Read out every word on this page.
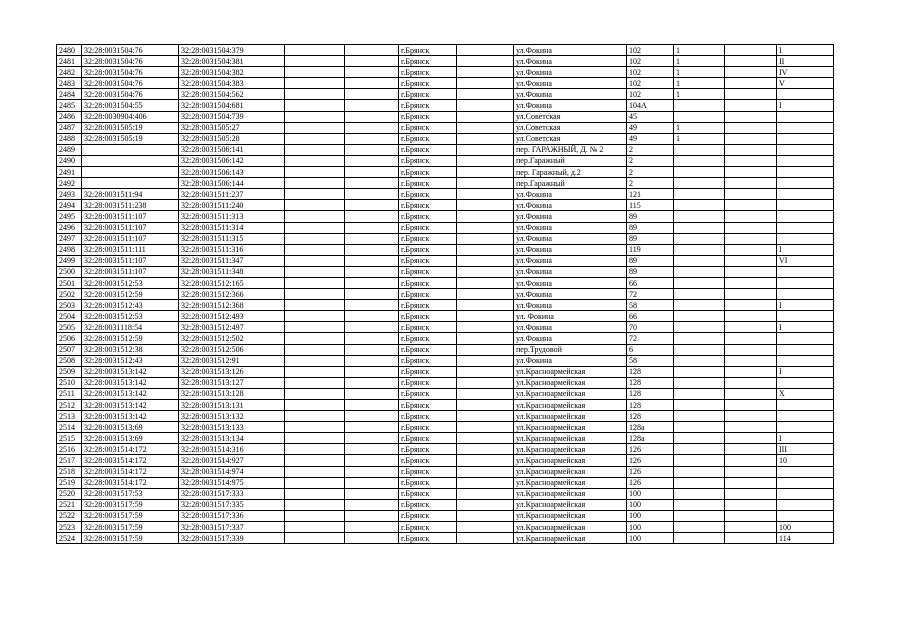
2480	32:28:0031504:76	32:28:0031504:379			г.Брянск		ул.Фокина	102	1		I
2481	32:28:0031504:76	32:28:0031504:381			г.Брянск		ул.Фокина	102	1		II
2482	32:28:0031504:76	32:28:0031504:382			г.Брянск		ул.Фокина	102	1		IV
2483	32:28:0031504:76	32:28:0031504:383			г.Брянск		ул.Фокина	102	1		V
2484	32:28:0031504:76	32:28:0031504:562			г.Брянск		ул.Фокина	102	1		
2485	32:28:0031504:55	32:28:0031504:681			г.Брянск		ул.Фокина	104А			I
2486	32:28:0030904:406	32:28:0031504:739			г.Брянск		ул.Советская	45			
2487	32:28:0031505:19	32:28:0031505:27			г.Брянск		ул.Советская	49	1		
2488	32:28:0031505:19	32:28:0031505:28			г.Брянск		ул.Советская	49	1		
2489		32:28:0031506:141			г.Брянск		пер. ГАРАЖНЫЙ, Д. № 2	2			
2490		32:28:0031506:142			г.Брянск		пер.Гаражный	2			
2491		32:28:0031506:143			г.Брянск		пер. Гаражный, д.2	2			
2492		32:28:0031506:144			г.Брянск		пер.Гаражный	2			
2493	32:28:0031511:94	32:28:0031511:237			г.Брянск		ул.Фокина	121			
2494	32:28:0031511:238	32:28:0031511:240			г.Брянск		ул.Фокина	115			
2495	32:28:0031511:107	32:28:0031511:313			г.Брянск		ул.Фокина	89			
2496	32:28:0031511:107	32:28:0031511:314			г.Брянск		ул.Фокина	89			
2497	32:28:0031511:107	32:28:0031511:315			г.Брянск		ул.Фокина	89			
2498	32:28:0031511:111	32:28:0031511:316			г.Брянск		ул.Фокина	119			I
2499	32:28:0031511:107	32:28:0031511:347			г.Брянск		ул.Фокина	89			VI
2500	32:28:0031511:107	32:28:0031511:348			г.Брянск		ул.Фокина	89			
2501	32:28:0031512:53	32:28:0031512:165			г.Брянск		ул.Фокина	66			
2502	32:28:0031512:59	32:28:0031512:366			г.Брянск		ул.Фокина	72			
2503	32:28:0031512:43	32:28:0031512:368			г.Брянск		ул.Фокина	58			I
2504	32:28:0031512:53	32:28:0031512:493			г.Брянск		ул. Фокина	66			
2505	32:28:0031118:54	32:28:0031512:497			г.Брянск		ул.Фокина	70			I
2506	32:28:0031512:59	32:28:0031512:502			г.Брянск		ул.Фокина	72			
2507	32:28:0031512:38	32:28:0031512:506			г.Брянск		пер.Трудовой	6			
2508	32:28:0031512:43	32:28:0031512:91			г.Брянск		ул.Фокина	58			
2509	32:28:0031513:142	32:28:0031513:126			г.Брянск		ул.Красноармейская	128			I
2510	32:28:0031513:142	32:28:0031513:127			г.Брянск		ул.Красноармейская	128			
2511	32:28:0031513:142	32:28:0031513:128			г.Брянск		ул.Красноармейская	128			X
2512	32:28:0031513:142	32:28:0031513:131			г.Брянск		ул.Красноармейская	128			
2513	32:28:0031513:142	32:28:0031513:132			г.Брянск		ул.Красноармейская	128			
2514	32:28:0031513:69	32:28:0031513:133			г.Брянск		ул.Красноармейская	128а			
2515	32:28:0031513:69	32:28:0031513:134			г.Брянск		ул.Красноармейская	128а			I
2516	32:28:0031514:172	32:28:0031514:316			г.Брянск		ул.Красноармейская	126			III
2517	32:28:0031514:172	32:28:0031514:927			г.Брянск		ул.Красноармейская	126			10
2518	32:28:0031514:172	32:28:0031514:974			г.Брянск		ул.Красноармейская	126			
2519	32:28:0031514:172	32:28:0031514:975			г.Брянск		ул.Красноармейская	126			
2520	32:28:0031517:53	32:28:0031517:333			г.Брянск		ул.Красноармейская	100			
2521	32:28:0031517:59	32:28:0031517:335			г.Брянск		ул.Красноармейская	100			
2522	32:28:0031517:59	32:28:0031517:336			г.Брянск		ул.Красноармейская	100			
2523	32:28:0031517:59	32:28:0031517:337			г.Брянск		ул.Красноармейская	100			100
2524	32:28:0031517:59	32:28:0031517:339			г.Брянск		ул.Красноармейская	100			114
